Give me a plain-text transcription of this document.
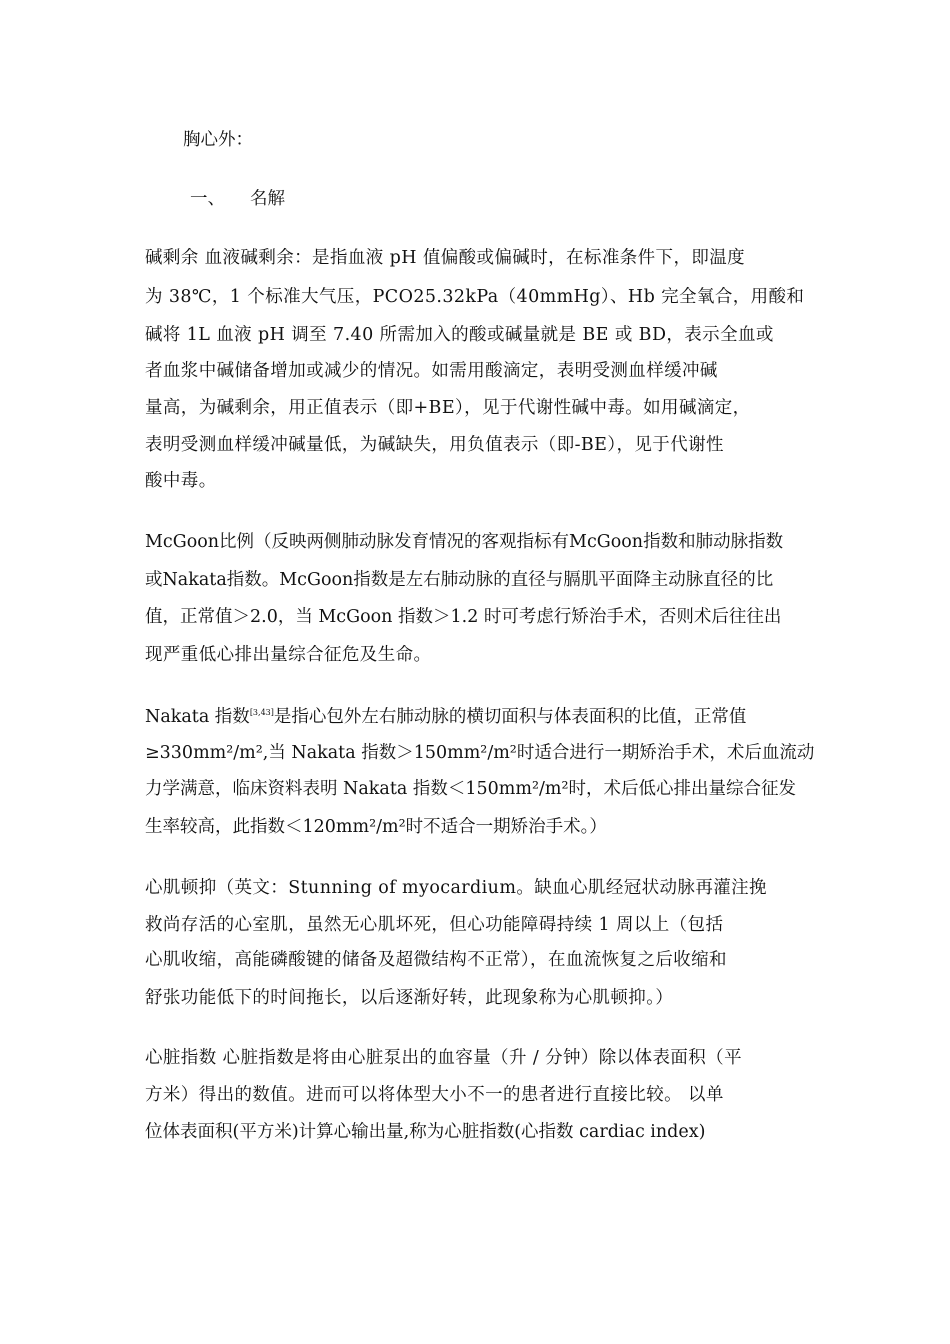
胸心外：
一、 名解
碱剩余 血液碱剩余：是指血液 pH 值偏酸或偏碱时，在标准条件下，即温度
为 38℃，1 个标准大气压，PCO25.32kPa（40mmHg）、Hb 完全氧合，用酸和
碱将 1L 血液 pH 调至 7.40 所需加入的酸或碱量就是 BE 或 BD，表示全血或
者血浆中碱储备增加或减少的情况。如需用酸滴定，表明受测血样缓冲碱
量高，为碱剩余，用正值表示（即+BE），见于代谢性碱中毒。如用碱滴定，
表明受测血样缓冲碱量低，为碱缺失，用负值表示（即-BE），见于代谢性
酸中毒。
McGoon比例（反映两侧肺动脉发育情况的客观指标有McGoon指数和肺动脉指数
或Nakata指数。McGoon指数是左右肺动脉的直径与膈肌平面降主动脉直径的比
值，正常值＞2.0，当 McGoon 指数＞1.2 时可考虑行矫治手术，否则术后往往出
现严重低心排出量综合征危及生命。
Nakata 指数[3,43]是指心包外左右肺动脉的横切面积与体表面积的比值，正常值
≥330mm²/m²,当 Nakata 指数＞150mm²/m²时适合进行一期矫治手术，术后血流动
力学满意，临床资料表明 Nakata 指数＜150mm²/m²时，术后低心排出量综合征发
生率较高，此指数＜120mm²/m²时不适合一期矫治手术。）
心肌顿抑（英文：Stunning of myocardium。缺血心肌经冠状动脉再灌注挽
救尚存活的心室肌，虽然无心肌坏死，但心功能障碍持续 1 周以上（包括
心肌收缩，高能磷酸键的储备及超微结构不正常），在血流恢复之后收缩和
舒张功能低下的时间拖长，以后逐渐好转，此现象称为心肌顿抑。）
心脏指数 心脏指数是将由心脏泵出的血容量（升 / 分钟）除以体表面积（平
方米）得出的数值。进而可以将体型大小不一的患者进行直接比较。 以单
位体表面积(平方米)计算心输出量,称为心脏指数(心指数 cardiac index)
